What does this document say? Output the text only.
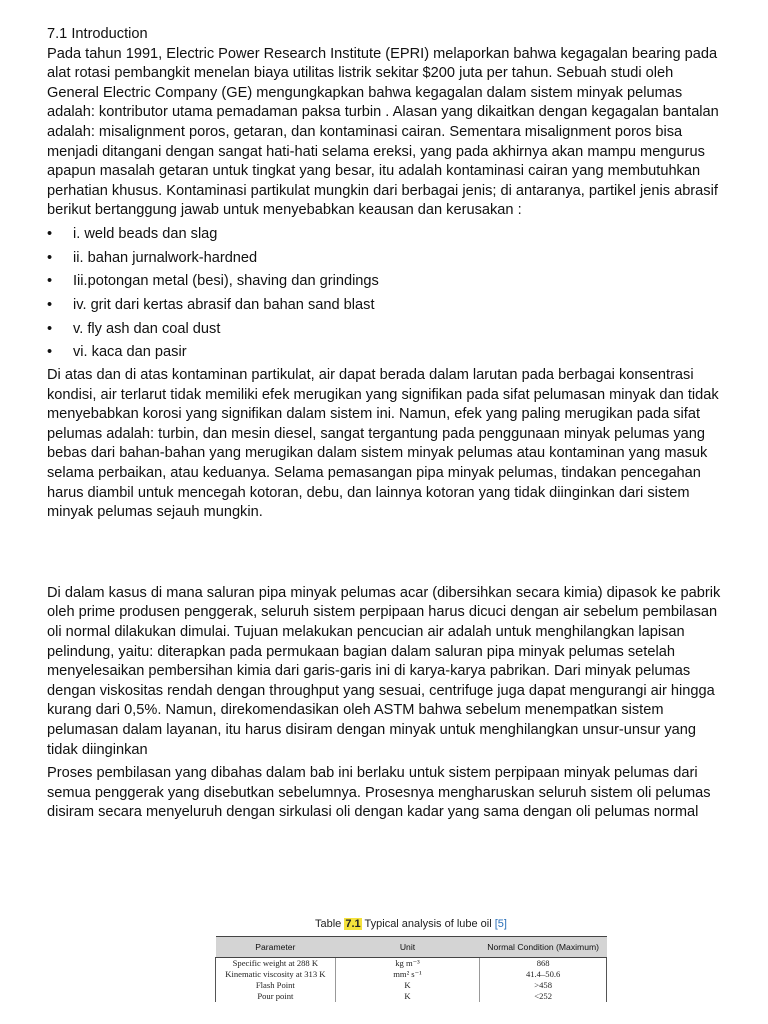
7.1 Introduction

Pada tahun 1991, Electric Power Research Institute (EPRI) melaporkan bahwa kegagalan bearing pada alat rotasi pembangkit menelan biaya utilitas listrik sekitar $200 juta per tahun. Sebuah studi oleh General Electric Company (GE) mengungkapkan bahwa kegagalan dalam sistem minyak pelumas adalah: kontributor utama pemadaman paksa turbin . Alasan yang dikaitkan dengan kegagalan bantalan adalah: misalignment poros, getaran, dan kontaminasi cairan. Sementara misalignment poros bisa menjadi ditangani dengan sangat hati-hati selama ereksi, yang pada akhirnya akan mampu mengurus apapun masalah getaran untuk tingkat yang besar, itu adalah kontaminasi cairan yang membutuhkan perhatian khusus. Kontaminasi partikulat mungkin dari berbagai jenis; di antaranya, partikel jenis abrasif berikut bertanggung jawab untuk menyebabkan keausan dan kerusakan :

• i. weld beads dan slag
• ii. bahan jurnalwork-hardned
• Iii.potongan metal (besi), shaving dan grindings
• iv. grit dari kertas abrasif dan bahan sand blast
• v. fly ash dan coal dust
• vi. kaca dan pasir

Di atas dan di atas kontaminan partikulat, air dapat berada dalam larutan pada berbagai konsentrasi kondisi, air terlarut tidak memiliki efek merugikan yang signifikan pada sifat pelumasan minyak dan tidak menyebabkan korosi yang signifikan dalam sistem ini. Namun, efek yang paling merugikan pada sifat pelumas adalah: turbin, dan mesin diesel, sangat tergantung pada penggunaan minyak pelumas yang bebas dari bahan-bahan yang merugikan dalam sistem minyak pelumas atau kontaminan yang masuk selama perbaikan, atau keduanya. Selama pemasangan pipa minyak pelumas, tindakan pencegahan harus diambil untuk mencegah kotoran, debu, dan lainnya kotoran yang tidak diinginkan dari sistem minyak pelumas sejauh mungkin.

Di dalam kasus di mana saluran pipa minyak pelumas acar (dibersihkan secara kimia) dipasok ke pabrik oleh prime produsen penggerak, seluruh sistem perpipaan harus dicuci dengan air sebelum pembilasan oli normal dilakukan dimulai. Tujuan melakukan pencucian air adalah untuk menghilangkan lapisan pelindung, yaitu: diterapkan pada permukaan bagian dalam saluran pipa minyak pelumas setelah menyelesaikan pembersihan kimia dari garis-garis ini di karya-karya pabrikan. Dari minyak pelumas dengan viskositas rendah dengan throughput yang sesuai, centrifuge juga dapat mengurangi air hingga kurang dari 0,5%. Namun, direkomendasikan oleh ASTM bahwa sebelum menempatkan sistem pelumasan dalam layanan, itu harus disiram dengan minyak untuk menghilangkan unsur-unsur yang tidak diinginkan

Proses pembilasan yang dibahas dalam bab ini berlaku untuk sistem perpipaan minyak pelumas dari semua penggerak yang disebutkan sebelumnya. Prosesnya mengharuskan seluruh sistem oli pelumas disiram secara menyeluruh dengan sirkulasi oli dengan kadar yang sama dengan oli pelumas normal

Table 7.1 Typical analysis of lube oil [5]
Parameter	Unit	Normal Condition (Maximum)
Specific weight at 288 K	kg m⁻³	868
Kinematic viscosity at 313 K	mm² s⁻¹	41.4–50.6
Flash Point	K	>458
Pour point	K	<252
